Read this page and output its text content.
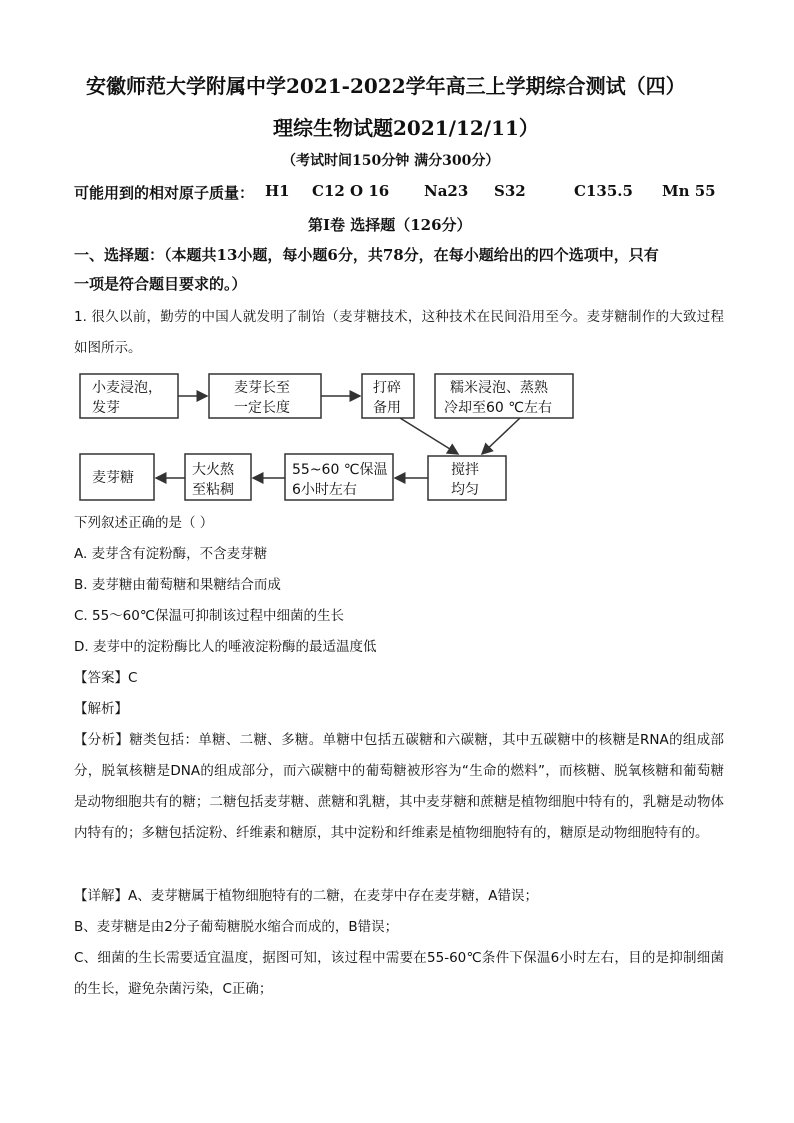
安徽师范大学附属中学2021-2022学年高三上学期综合测试（四）
理综生物试题2021/12/11）
（考试时间150分钟 满分300分）
可能用到的相对原子质量： H1 C12 O 16 Na23 S32	C135.5 Mn 55
第I卷 选择题（126分）
一、选择题：（本题共13小题，每小题6分，共78分，在每小题给出的四个选项中，只有
一项是符合题目要求的。）
1. 很久以前，勤劳的中国人就发明了制饴（麦芽糖技术，这种技术在民间沿用至今。麦芽糖制作的大致过程如图所示。
小麦浸泡，
发芽
麦芽长至
一定长度
打碎
备用
糯米浸泡、蒸熟
冷却至60 ℃左右
搅拌
均匀
55~60 ℃保温
6小时左右
大火熬
至粘稠
麦芽糖
下列叙述正确的是（ ）
A. 麦芽含有淀粉酶，不含麦芽糖
B. 麦芽糖由葡萄糖和果糖结合而成
C. 55～60℃保温可抑制该过程中细菌的生长
D. 麦芽中的淀粉酶比人的唾液淀粉酶的最适温度低
【答案】C
【解析】
【分析】糖类包括：单糖、二糖、多糖。单糖中包括五碳糖和六碳糖，其中五碳糖中的核糖是RNA的组成部分，脱氧核糖是DNA的组成部分，而六碳糖中的葡萄糖被形容为“生命的燃料”，而核糖、脱氧核糖和葡萄糖是动物细胞共有的糖；二糖包括麦芽糖、蔗糖和乳糖，其中麦芽糖和蔗糖是植物细胞中特有的，乳糖是动物体内特有的；多糖包括淀粉、纤维素和糖原，其中淀粉和纤维素是植物细胞特有的，糖原是动物细胞特有的。
【详解】A、麦芽糖属于植物细胞特有的二糖，在麦芽中存在麦芽糖，A错误；
B、麦芽糖是由2分子葡萄糖脱水缩合而成的，B错误；
C、细菌的生长需要适宜温度，据图可知，该过程中需要在55-60℃条件下保温6小时左右，目的是抑制细菌的生长，避免杂菌污染，C正确；
